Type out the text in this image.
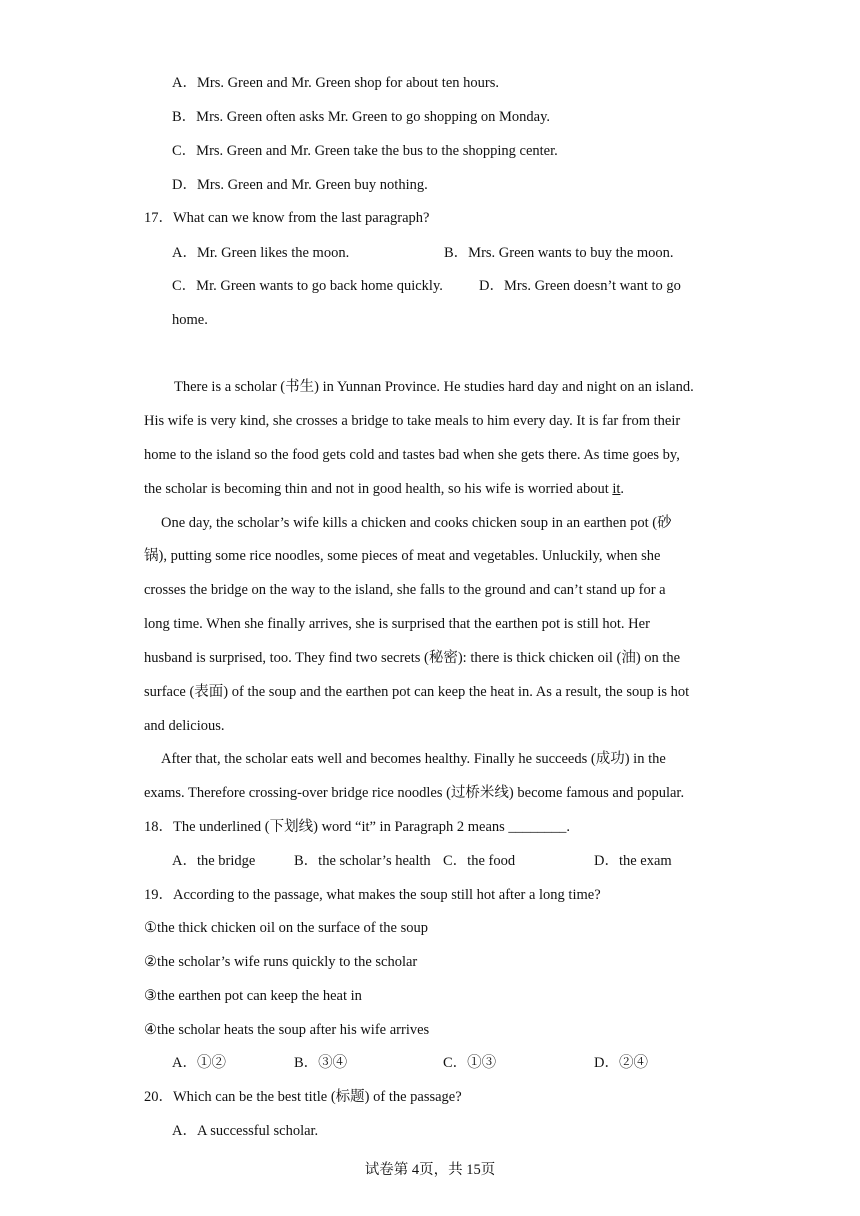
A．Mrs. Green and Mr. Green shop for about ten hours.
B．Mrs. Green often asks Mr. Green to go shopping on Monday.
C．Mrs. Green and Mr. Green take the bus to the shopping center.
D．Mrs. Green and Mr. Green buy nothing.
17．What can we know from the last paragraph?
A．Mr. Green likes the moon.	B．Mrs. Green wants to buy the moon.
C．Mr. Green wants to go back home quickly. D．Mrs. Green doesn’t want to go
home.
There is a scholar (书生) in Yunnan Province. He studies hard day and night on an island.
His wife is very kind, she crosses a bridge to take meals to him every day. It is far from their
home to the island so the food gets cold and tastes bad when she gets there. As time goes by,
the scholar is becoming thin and not in good health, so his wife is worried about it.
One day, the scholar’s wife kills a chicken and cooks chicken soup in an earthen pot (砂
锅), putting some rice noodles, some pieces of meat and vegetables. Unluckily, when she
crosses the bridge on the way to the island, she falls to the ground and can’t stand up for a
long time. When she finally arrives, she is surprised that the earthen pot is still hot. Her
husband is surprised, too. They find two secrets (秘密): there is thick chicken oil (油) on the
surface (表面) of the soup and the earthen pot can keep the heat in. As a result, the soup is hot
and delicious.
After that, the scholar eats well and becomes healthy. Finally he succeeds (成功) in the
exams. Therefore crossing-over bridge rice noodles (过桥米线) become famous and popular.
18．The underlined (下划线) word “it” in Paragraph 2 means ________.
A．the bridge	B．the scholar’s health C．the food	D．the exam
19．According to the passage, what makes the soup still hot after a long time?
①the thick chicken oil on the surface of the soup
②the scholar’s wife runs quickly to the scholar
③the earthen pot can keep the heat in
④the scholar heats the soup after his wife arrives
A．①②	B．③④	C．①③	D．②④
20．Which can be the best title (标题) of the passage?
A．A successful scholar.
试卷第 4页，共 15页
